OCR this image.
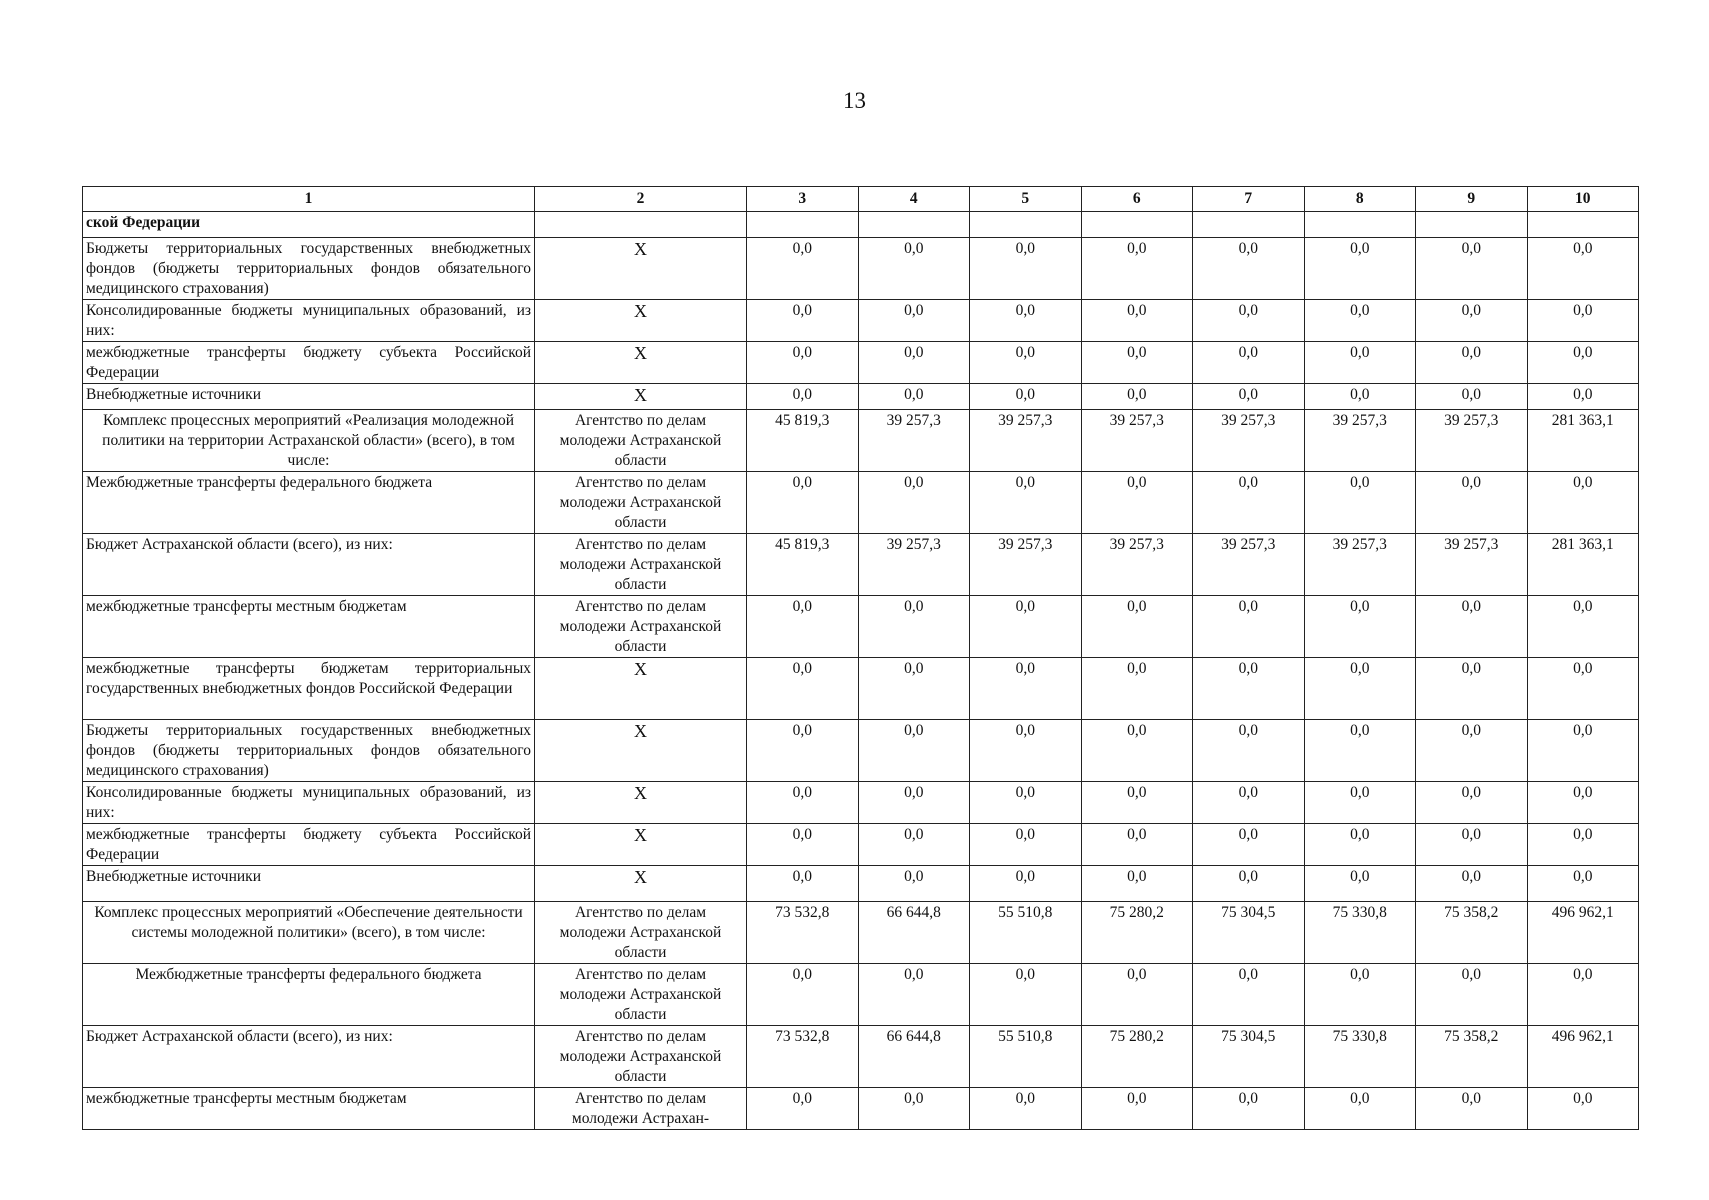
13
1	2	3	4	5	6	7	8	9	10
ской Федерации									
Бюджеты территориальных государственных внебюджетных фондов (бюджеты территориальных фондов обязательного медицинского страхования)	X	0,0	0,0	0,0	0,0	0,0	0,0	0,0	0,0
Консолидированные бюджеты муниципальных образований, из них:	X	0,0	0,0	0,0	0,0	0,0	0,0	0,0	0,0
межбюджетные трансферты бюджету субъекта Российской Федерации	X	0,0	0,0	0,0	0,0	0,0	0,0	0,0	0,0
Внебюджетные источники	X	0,0	0,0	0,0	0,0	0,0	0,0	0,0	0,0
Комплекс процессных мероприятий «Реализация молодежной политики на территории Астраханской области» (всего), в том числе:	Агентство по делам молодежи Астраханской области	45 819,3	39 257,3	39 257,3	39 257,3	39 257,3	39 257,3	39 257,3	281 363,1
Межбюджетные трансферты федерального бюджета	Агентство по делам молодежи Астраханской области	0,0	0,0	0,0	0,0	0,0	0,0	0,0	0,0
Бюджет Астраханской области (всего), из них:	Агентство по делам молодежи Астраханской области	45 819,3	39 257,3	39 257,3	39 257,3	39 257,3	39 257,3	39 257,3	281 363,1
межбюджетные трансферты местным бюджетам	Агентство по делам молодежи Астраханской области	0,0	0,0	0,0	0,0	0,0	0,0	0,0	0,0
межбюджетные трансферты бюджетам территориальных государственных внебюджетных фондов Российской Федерации	X	0,0	0,0	0,0	0,0	0,0	0,0	0,0	0,0
Бюджеты территориальных государственных внебюджетных фондов (бюджеты территориальных фондов обязательного медицинского страхования)	X	0,0	0,0	0,0	0,0	0,0	0,0	0,0	0,0
Консолидированные бюджеты муниципальных образований, из них:	X	0,0	0,0	0,0	0,0	0,0	0,0	0,0	0,0
межбюджетные трансферты бюджету субъекта Российской Федерации	X	0,0	0,0	0,0	0,0	0,0	0,0	0,0	0,0
Внебюджетные источники	X	0,0	0,0	0,0	0,0	0,0	0,0	0,0	0,0
Комплекс процессных мероприятий «Обеспечение деятельности системы молодежной политики» (всего), в том числе:	Агентство по делам молодежи Астраханской области	73 532,8	66 644,8	55 510,8	75 280,2	75 304,5	75 330,8	75 358,2	496 962,1
Межбюджетные трансферты федерального бюджета	Агентство по делам молодежи Астраханской области	0,0	0,0	0,0	0,0	0,0	0,0	0,0	0,0
Бюджет Астраханской области (всего), из них:	Агентство по делам молодежи Астраханской области	73 532,8	66 644,8	55 510,8	75 280,2	75 304,5	75 330,8	75 358,2	496 962,1
межбюджетные трансферты местным бюджетам	Агентство по делам молодежи Астрахан-	0,0	0,0	0,0	0,0	0,0	0,0	0,0	0,0
